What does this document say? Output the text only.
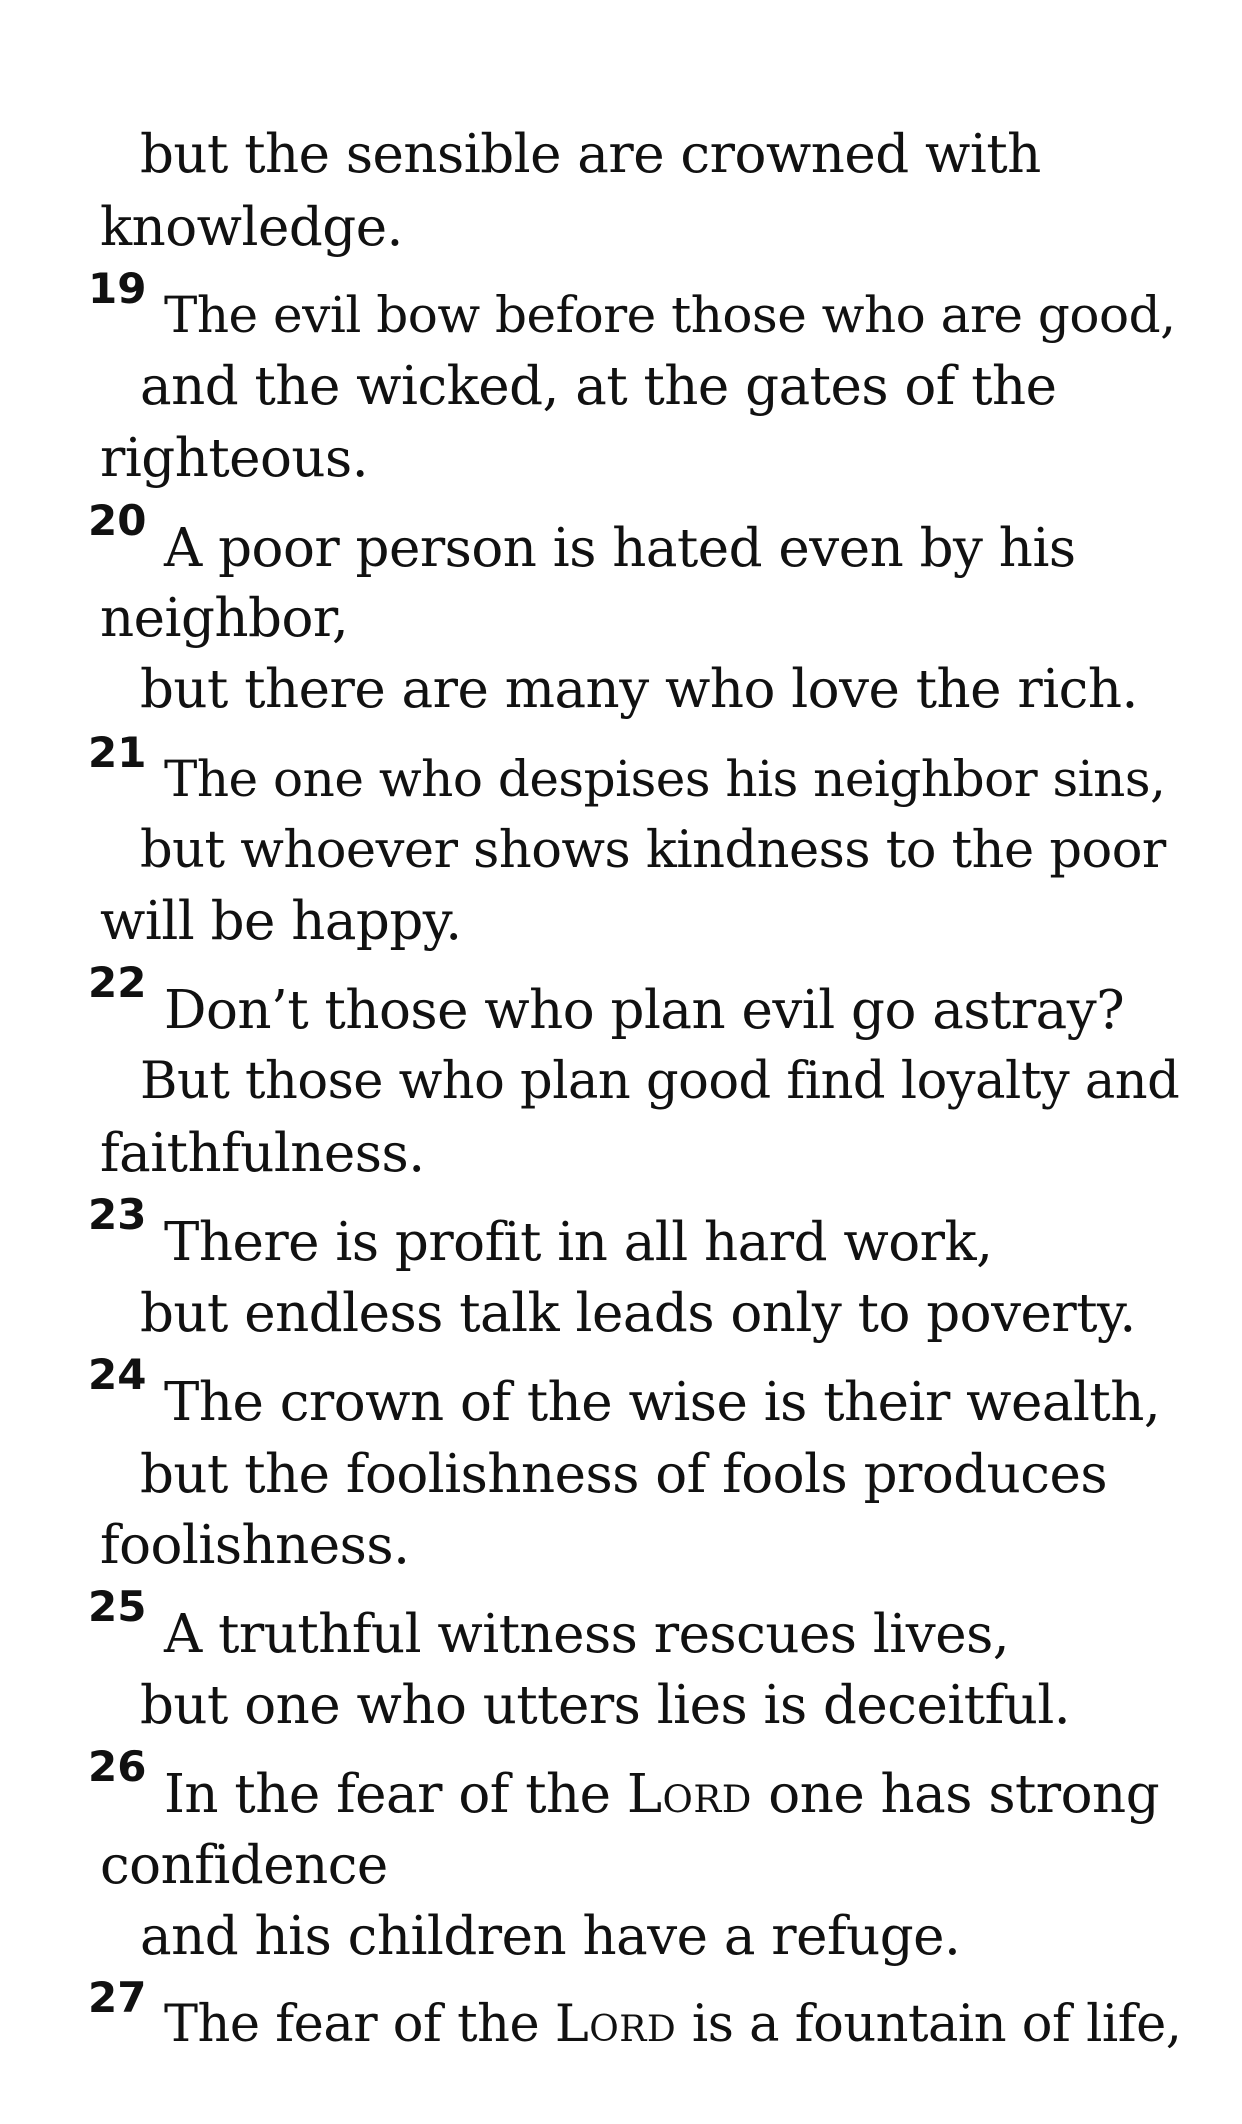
but the sensible are crowned with
knowledge.
19 The evil bow before those who are good,
and the wicked, at the gates of the
righteous.
20 A poor person is hated even by his
neighbor,
but there are many who love the rich.
21 The one who despises his neighbor sins,
but whoever shows kindness to the poor
will be happy.
22 Don’t those who plan evil go astray?
But those who plan good find loyalty and
faithfulness.
23 There is profit in all hard work,
but endless talk leads only to poverty.
24 The crown of the wise is their wealth,
but the foolishness of fools produces
foolishness.
25 A truthful witness rescues lives,
but one who utters lies is deceitful.
26 In the fear of the Lord one has strong
confidence
and his children have a refuge.
27 The fear of the Lord is a fountain of life,
